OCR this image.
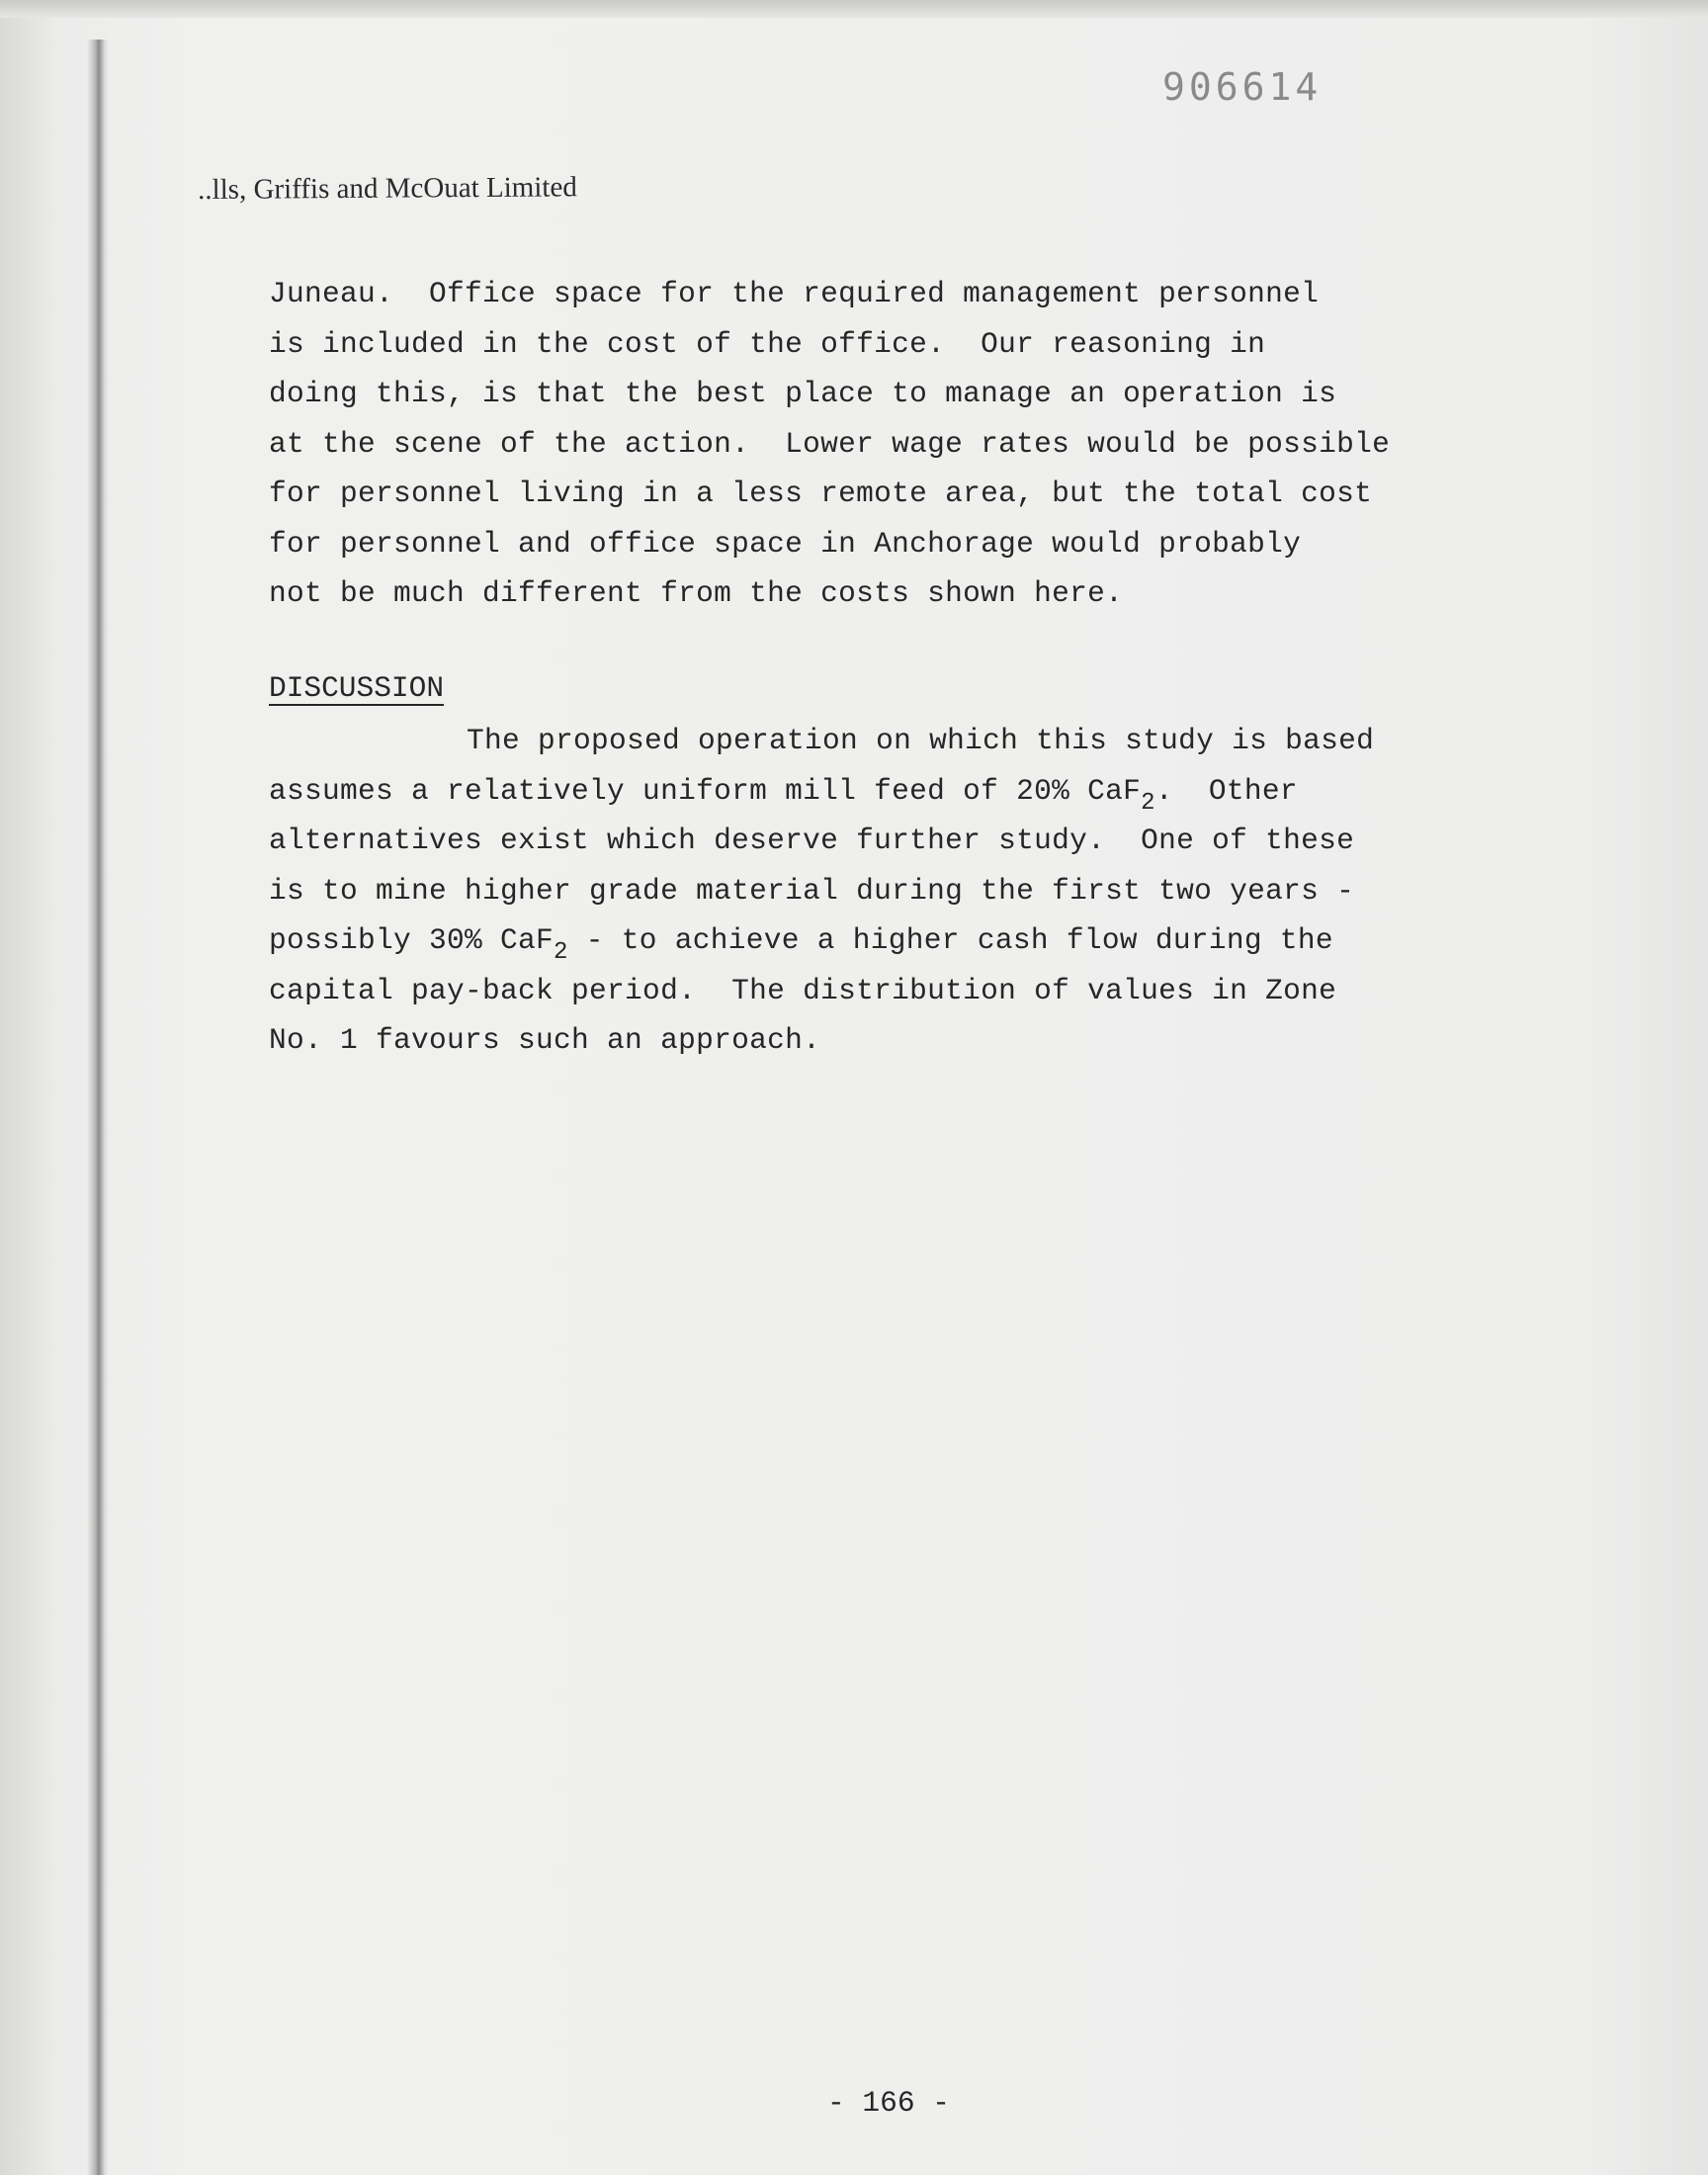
906614
..lls, Griffis and McOuat Limited
Juneau.  Office space for the required management personnel
is included in the cost of the office.  Our reasoning in
doing this, is that the best place to manage an operation is
at the scene of the action.  Lower wage rates would be possible
for personnel living in a less remote area, but the total cost
for personnel and office space in Anchorage would probably
not be much different from the costs shown here.
DISCUSSION
The proposed operation on which this study is based
assumes a relatively uniform mill feed of 20% CaF$_2$.  Other
alternatives exist which deserve further study.  One of these
is to mine higher grade material during the first two years -
possibly 30% CaF$_2$ - to achieve a higher cash flow during the
capital pay-back period.  The distribution of values in Zone
No. 1 favours such an approach.
- 166 -
